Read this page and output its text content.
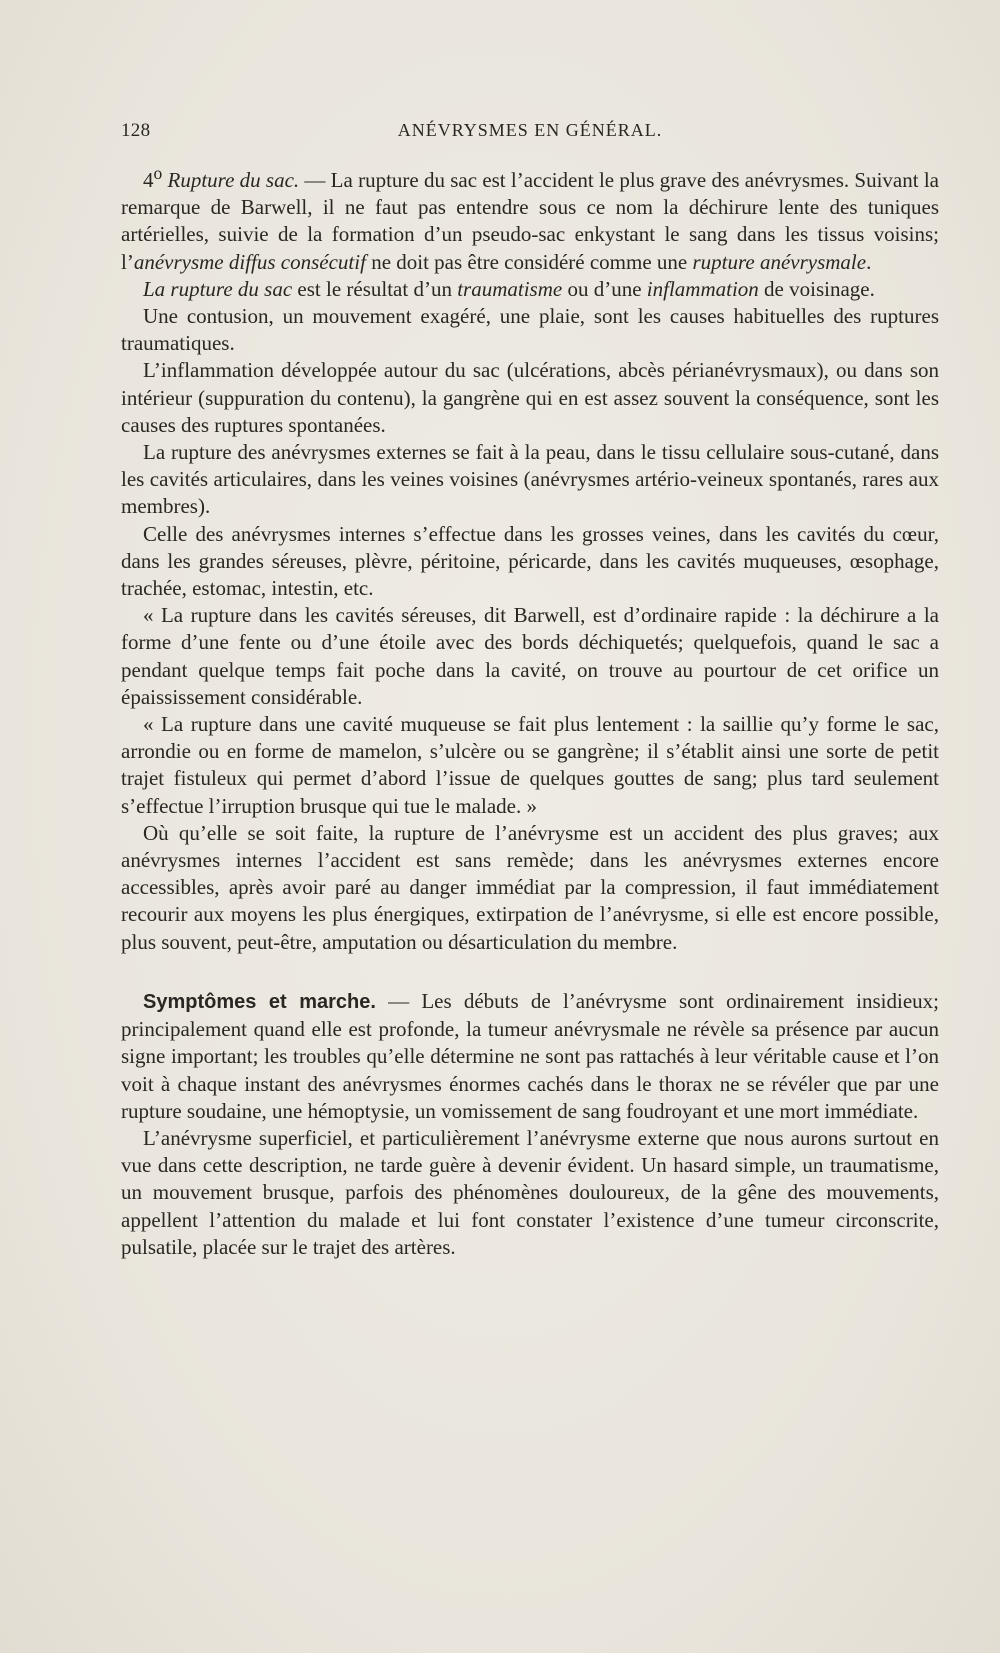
128	ANÉVRYSMES EN GÉNÉRAL.

4$^o$ Rupture du sac. — La rupture du sac est l’accident le plus grave des anévrysmes. Suivant la remarque de Barwell, il ne faut pas entendre sous ce nom la déchirure lente des tuniques artérielles, suivie de la formation d’un pseudo-sac enkystant le sang dans les tissus voisins; l’anévrysme diffus consécutif ne doit pas être considéré comme une rupture anévrysmale.

La rupture du sac est le résultat d’un traumatisme ou d’une inflammation de voisinage.

Une contusion, un mouvement exagéré, une plaie, sont les causes habituelles des ruptures traumatiques.

L’inflammation développée autour du sac (ulcérations, abcès périanévrysmaux), ou dans son intérieur (suppuration du contenu), la gangrène qui en est assez souvent la conséquence, sont les causes des ruptures spontanées.

La rupture des anévrysmes externes se fait à la peau, dans le tissu cellulaire sous-cutané, dans les cavités articulaires, dans les veines voisines (anévrysmes artério-veineux spontanés, rares aux membres).

Celle des anévrysmes internes s’effectue dans les grosses veines, dans les cavités du cœur, dans les grandes séreuses, plèvre, péritoine, péricarde, dans les cavités muqueuses, œsophage, trachée, estomac, intestin, etc.

« La rupture dans les cavités séreuses, dit Barwell, est d’ordinaire rapide : la déchirure a la forme d’une fente ou d’une étoile avec des bords déchiquetés; quelquefois, quand le sac a pendant quelque temps fait poche dans la cavité, on trouve au pourtour de cet orifice un épaississement considérable.

« La rupture dans une cavité muqueuse se fait plus lentement : la saillie qu’y forme le sac, arrondie ou en forme de mamelon, s’ulcère ou se gangrène; il s’établit ainsi une sorte de petit trajet fistuleux qui permet d’abord l’issue de quelques gouttes de sang; plus tard seulement s’effectue l’irruption brusque qui tue le malade. »

Où qu’elle se soit faite, la rupture de l’anévrysme est un accident des plus graves; aux anévrysmes internes l’accident est sans remède; dans les anévrysmes externes encore accessibles, après avoir paré au danger immédiat par la compression, il faut immédiatement recourir aux moyens les plus énergiques, extirpation de l’anévrysme, si elle est encore possible, plus souvent, peut-être, amputation ou désarticulation du membre.

Symptômes et marche. — Les débuts de l’anévrysme sont ordinairement insidieux; principalement quand elle est profonde, la tumeur anévrysmale ne révèle sa présence par aucun signe important; les troubles qu’elle détermine ne sont pas rattachés à leur véritable cause et l’on voit à chaque instant des anévrysmes énormes cachés dans le thorax ne se révéler que par une rupture soudaine, une hémoptysie, un vomissement de sang foudroyant et une mort immédiate.

L’anévrysme superficiel, et particulièrement l’anévrysme externe que nous aurons surtout en vue dans cette description, ne tarde guère à devenir évident. Un hasard simple, un traumatisme, un mouvement brusque, parfois des phénomènes douloureux, de la gêne des mouvements, appellent l’attention du malade et lui font constater l’existence d’une tumeur circonscrite, pulsatile, placée sur le trajet des artères.
